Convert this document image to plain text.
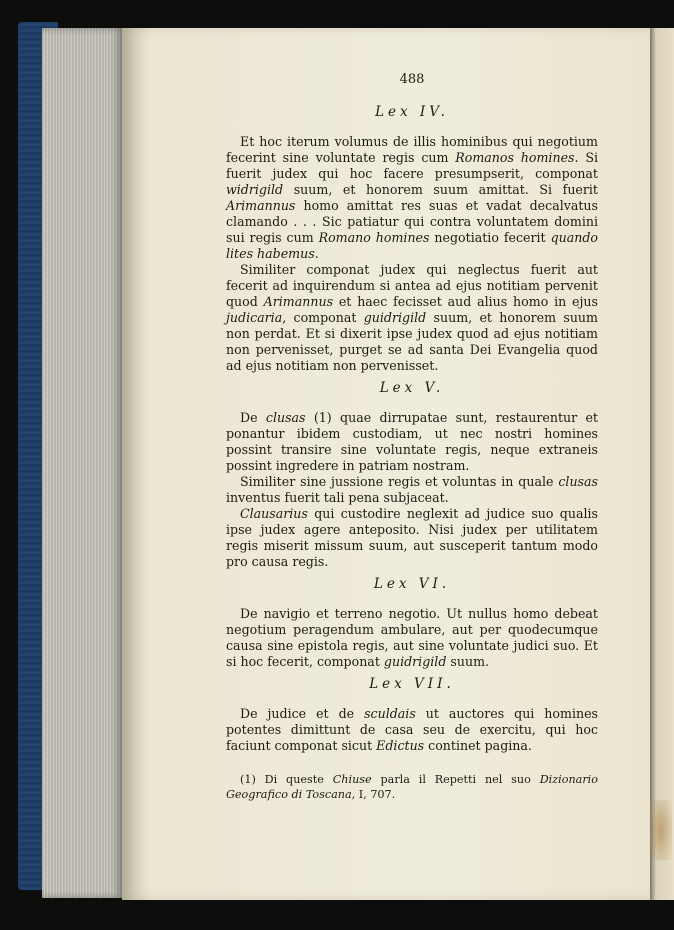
488
Lex IV.

Et hoc iterum volumus de illis hominibus qui negotium fecerint sine voluntate regis cum Romanos homines. Si fuerit judex qui hoc facere presumpserit, componat widrigild suum, et honorem suum amittat. Si fuerit Arimannus homo amittat res suas et vadat decalvatus clamando . . . Sic patiatur qui contra voluntatem domini sui regis cum Romano homines negotiatio fecerit quando lites habemus.

Similiter componat judex qui neglectus fuerit aut fecerit ad inquirendum si antea ad ejus notitiam pervenit quod Arimannus et haec fecisset aud alius homo in ejus judicaria, componat guidrigild suum, et honorem suum non perdat. Et si dixerit ipse judex quod ad ejus notitiam non pervenisset, purget se ad santa Dei Evangelia quod ad ejus notitiam non pervenisset.

Lex V.

De clusas (1) quae dirrupatae sunt, restaurentur et ponantur ibidem custodiam, ut nec nostri homines possint transire sine voluntate regis, neque extraneis possint ingredere in patriam nostram.

Similiter sine jussione regis et voluntas in quale clusas inventus fuerit tali pena subjaceat.

Clausarius qui custodire neglexit ad judice suo qualis ipse judex agere anteposito. Nisi judex per utilitatem regis miserit missum suum, aut susceperit tantum modo pro causa regis.

Lex VI.

De navigio et terreno negotio. Ut nullus homo debeat negotium peragendum ambulare, aut per quodecumque causa sine epistola regis, aut sine voluntate judici suo. Et si hoc fecerit, componat guidrigild suum.

Lex VII.

De judice et de sculdais ut auctores qui homines potentes dimittunt de casa seu de exercitu, qui hoc faciunt componat sicut Edictus continet pagina.

(1) Di queste Chiuse parla il Repetti nel suo Dizionario Geografico di Toscana, I, 707.
